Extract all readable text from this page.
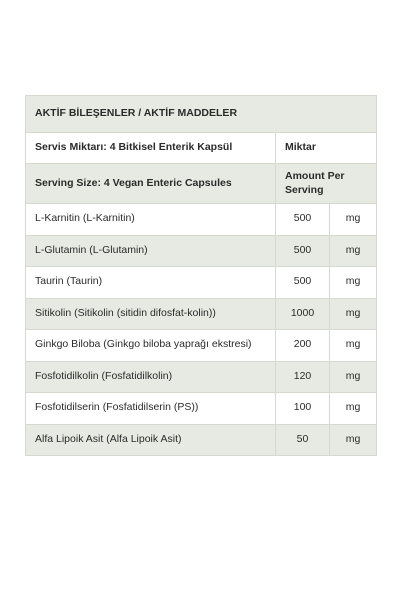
AKTİF BİLEŞENLER / AKTİF MADDELER		
Servis Miktarı: 4 Bitkisel Enterik Kapsül	Miktar	
Serving Size: 4 Vegan Enteric Capsules	Amount Per Serving	
L-Karnitin (L-Karnitin)	500	mg
L-Glutamin (L-Glutamin)	500	mg
Taurin (Taurin)	500	mg
Sitikolin (Sitikolin (sitidin difosfat-kolin))	1000	mg
Ginkgo Biloba (Ginkgo biloba yaprağı ekstresi)	200	mg
Fosfotidilkolin (Fosfatidilkolin)	120	mg
Fosfotidilserin (Fosfatidilserin (PS))	100	mg
Alfa Lipoik Asit (Alfa Lipoik Asit)	50	mg
